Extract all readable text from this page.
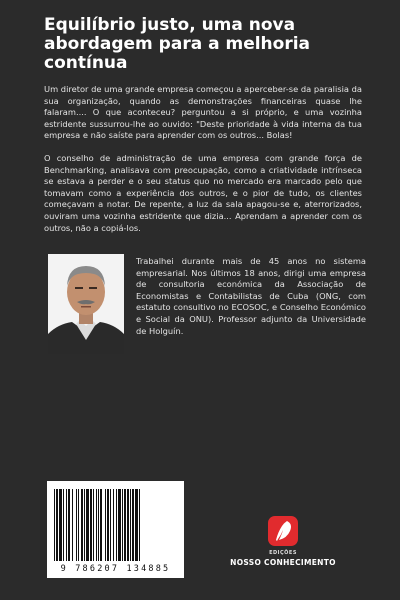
Equilíbrio justo, uma nova abordagem para a melhoria contínua

Um diretor de uma grande empresa começou a aperceber-se da paralisia da sua organização, quando as demonstrações financeiras quase lhe falaram.... O que aconteceu? perguntou a si próprio, e uma vozinha estridente sussurrou-lhe ao ouvido: "Deste prioridade à vida interna da tua empresa e não saíste para aprender com os outros... Bolas!

O conselho de administração de uma empresa com grande força de Benchmarking, analisava com preocupação, como a criatividade intrínseca se estava a perder e o seu status quo no mercado era marcado pelo que tomavam como a experiência dos outros, e o pior de tudo, os clientes começavam a notar. De repente, a luz da sala apagou-se e, aterrorizados, ouviram uma vozinha estridente que dizia... Aprendam a aprender com os outros, não a copiá-los.

Trabalhei durante mais de 45 anos no sistema empresarial. Nos últimos 18 anos, dirigi uma empresa de consultoria económica da Associação de Economistas e Contabilistas de Cuba (ONG, com estatuto consultivo no ECOSOC, e Conselho Económico e Social da ONU). Professor adjunto da Universidade de Holguín.

9 786207 134885
EDIÇÕES
NOSSO CONHECIMENTO
